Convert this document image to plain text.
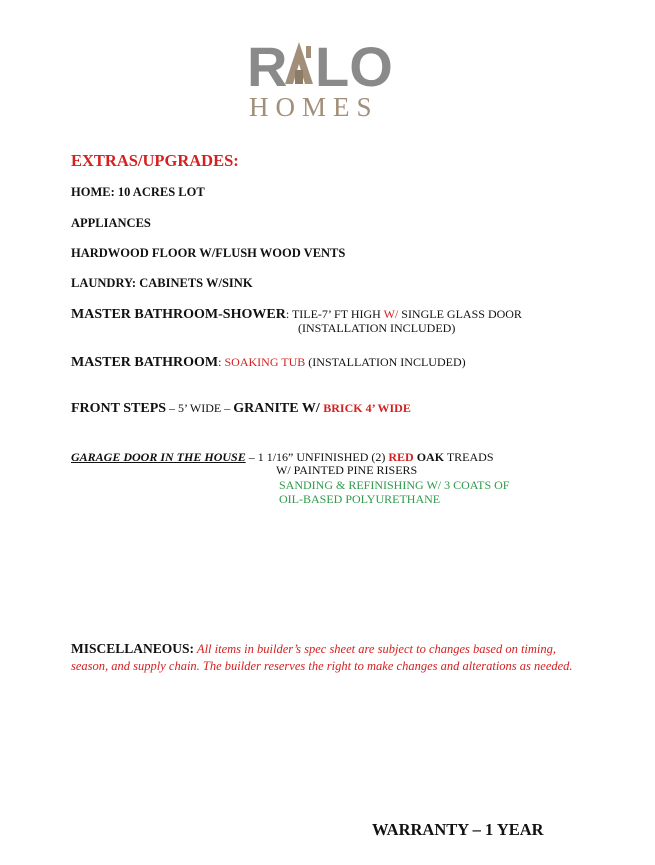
R LO
HOMES
EXTRAS/UPGRADES:
HOME: 10 ACRES LOT
APPLIANCES
HARDWOOD FLOOR W/FLUSH WOOD VENTS
LAUNDRY: CABINETS W/SINK
MASTER BATHROOM-SHOWER: TILE-7’ FT HIGH W/ SINGLE GLASS DOOR
(INSTALLATION INCLUDED)
MASTER BATHROOM: SOAKING TUB (INSTALLATION INCLUDED)
FRONT STEPS – 5’ WIDE – GRANITE W/ BRICK 4’ WIDE
GARAGE DOOR IN THE HOUSE – 1 1/16” UNFINISHED (2) RED OAK TREADS
W/ PAINTED PINE RISERS
SANDING & REFINISHING W/ 3 COATS OF
OIL-BASED POLYURETHANE
MISCELLANEOUS: All items in builder’s spec sheet are subject to changes based on timing, season, and supply chain. The builder reserves the right to make changes and alterations as needed.
WARRANTY – 1 YEAR
